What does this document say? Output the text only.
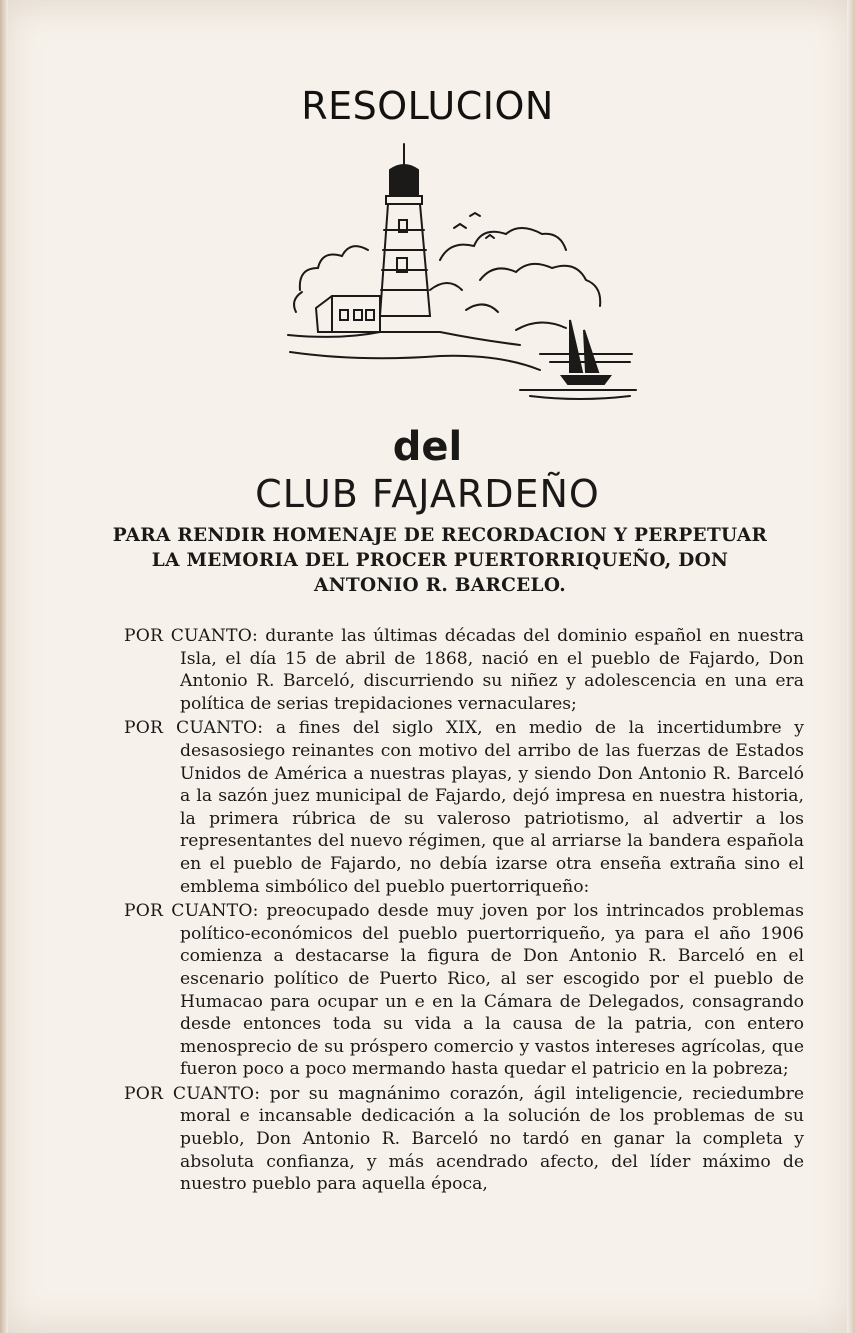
RESOLUCION
del
CLUB FAJARDEÑO
PARA RENDIR HOMENAJE DE RECORDACION Y PERPETUAR LA MEMORIA DEL PROCER PUERTORRIQUEÑO, DON ANTONIO R. BARCELO.

POR CUANTO: durante las últimas décadas del dominio español en nuestra Isla, el día 15 de abril de 1868, nació en el pueblo de Fajardo, Don Antonio R. Barceló, discurriendo su niñez y adolescencia en una era política de serias trepidaciones vernaculares;

POR CUANTO: a fines del siglo XIX, en medio de la incertidumbre y desasosiego reinantes con motivo del arribo de las fuerzas de Estados Unidos de América a nuestras playas, y siendo Don Antonio R. Barceló a la sazón juez municipal de Fajardo, dejó impresa en nuestra historia, la primera rúbrica de su valeroso patriotismo, al advertir a los representantes del nuevo régimen, que al arriarse la bandera española en el pueblo de Fajardo, no debía izarse otra enseña extraña sino el emblema simbólico del pueblo puertorriqueño:

POR CUANTO: preocupado desde muy joven por los intrincados problemas político-económicos del pueblo puertorriqueño, ya para el año 1906 comienza a destacarse la figura de Don Antonio R. Barceló en el escenario político de Puerto Rico, al ser escogido por el pueblo de Humacao para ocupar un e en la Cámara de Delegados, consagrando desde entonces toda su vida a la causa de la patria, con entero menosprecio de su próspero comercio y vastos intereses agrícolas, que fueron poco a poco mermando hasta quedar el patricio en la pobreza;

POR CUANTO: por su magnánimo corazón, ágil inteligencie, reciedumbre moral e incansable dedicación a la solución de los problemas de su pueblo, Don Antonio R. Barceló no tardó en ganar la completa y absoluta confianza, y más acendrado afecto, del líder máximo de nuestro pueblo para aquella época,
